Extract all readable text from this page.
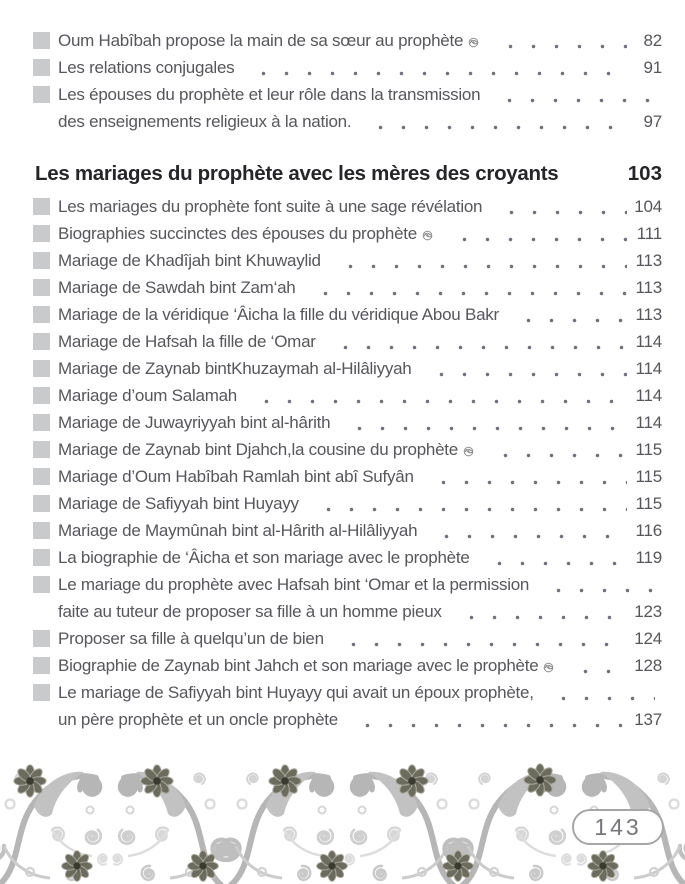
Oum Habîbah propose la main de sa sœur au prophète	82
Les relations conjugales	91
Les épouses du prophète et leur rôle dans la transmission
des enseignements religieux à la nation.	97
Les mariages du prophète avec les mères des croyants	103
Les mariages du prophète font suite à une sage révélation	104
Biographies succinctes des épouses du prophète	111
Mariage de Khadîjah bint Khuwaylid	113
Mariage de Sawdah bint Zam‘ah	113
Mariage de la véridique ‘Âicha la fille du véridique Abou Bakr	113
Mariage de Hafsah la fille de ‘Omar	114
Mariage de Zaynab bintKhuzaymah al-Hilâliyyah	114
Mariage d’oum Salamah	114
Mariage de Juwayriyyah bint al-hârith	114
Mariage de Zaynab bint Djahch,la cousine du prophète	115
Mariage d’Oum Habîbah Ramlah bint abî Sufyân	115
Mariage de Safiyyah bint Huyayy	115
Mariage de Maymûnah bint al-Hârith al-Hilâliyyah	116
La biographie de ‘Âicha et son mariage avec le prophète	119
Le mariage du prophète avec Hafsah bint ‘Omar et la permission
faite au tuteur de proposer sa fille à un homme pieux	123
Proposer sa fille à quelqu’un de bien	124
Biographie de Zaynab bint Jahch et son mariage avec le prophète	128
Le mariage de Safiyyah bint Huyayy qui avait un époux prophète,
un père prophète et un oncle prophète	137
143
